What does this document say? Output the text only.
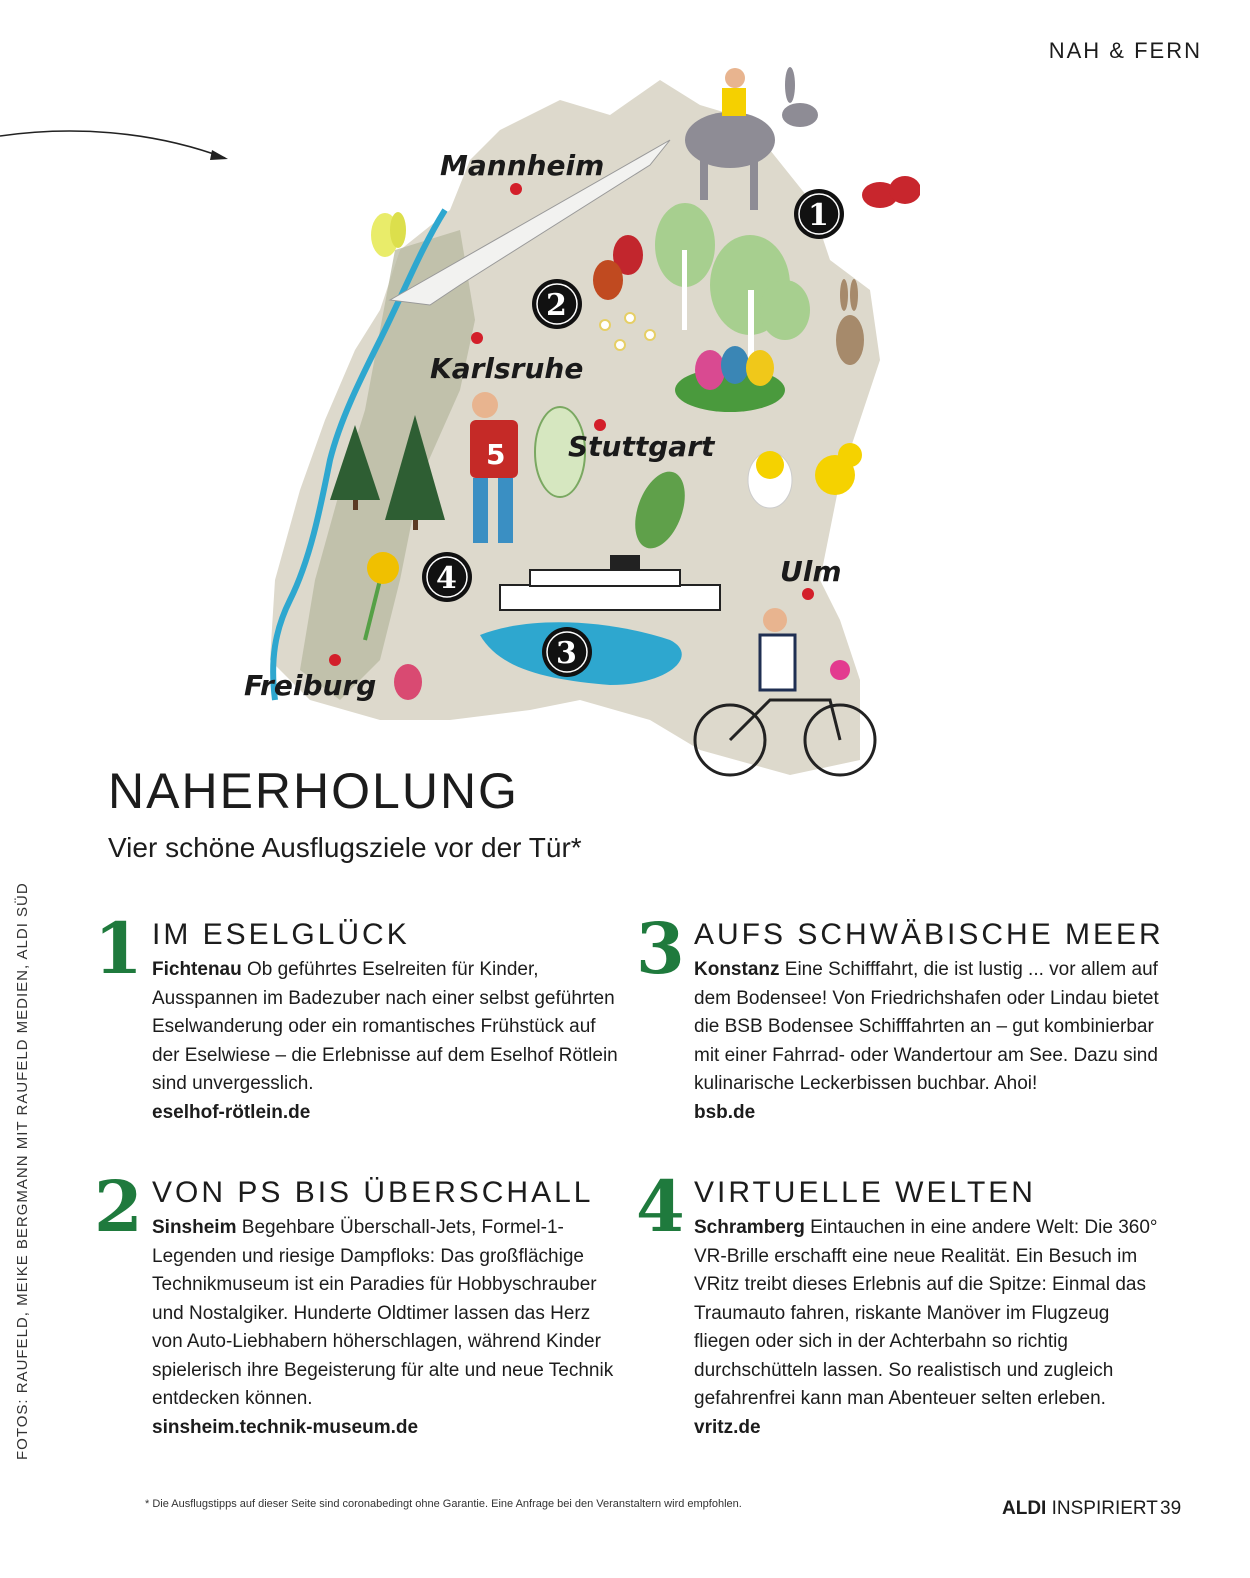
NAH & FERN
5
Mannheim
Karlsruhe
Stuttgart
Ulm
Freiburg
1
2
3
4
NAHERHOLUNG
Vier schöne Ausflugsziele vor der Tür*
FOTOS: RAUFELD, MEIKE BERGMANN MIT RAUFELD MEDIEN, ALDI SÜD 1 IM ESELGLÜCK
Fichtenau Ob geführtes Eselreiten für Kinder, Ausspannen im Badezuber nach einer selbst geführten Eselwanderung oder ein romantisches Frühstück auf der Eselwiese – die Erlebnisse auf dem Eselhof Rötlein sind unvergesslich.
eselhof-rötlein.de
2 VON PS BIS ÜBERSCHALL
Sinsheim Begehbare Überschall-Jets, Formel-1-Legenden und riesige Dampfloks: Das großflächige Technikmuseum ist ein Paradies für Hobbyschrauber und Nostalgiker. Hunderte Oldtimer lassen das Herz von Auto-Liebhabern höherschlagen, während Kinder spielerisch ihre Begeisterung für alte und neue Technik entdecken können.
sinsheim.technik-museum.de
3 AUFS SCHWÄBISCHE MEER
Konstanz Eine Schifffahrt, die ist lustig ... vor allem auf dem Bodensee! Von Friedrichshafen oder Lindau bietet die BSB Bodensee Schifffahrten an – gut kombinierbar mit einer Fahrrad- oder Wandertour am See. Dazu sind kulinarische Leckerbissen buchbar. Ahoi!
bsb.de
4 VIRTUELLE WELTEN
Schramberg Eintauchen in eine andere Welt: Die 360° VR-Brille erschafft eine neue Realität. Ein Besuch im VRitz treibt dieses Erlebnis auf die Spitze: Einmal das Traumauto fahren, riskante Manöver im Flugzeug fliegen oder sich in der Achterbahn so richtig durchschütteln lassen. So realistisch und zugleich gefahrenfrei kann man Abenteuer selten erleben.
vritz.de
* Die Ausflugstipps auf dieser Seite sind coronabedingt ohne Garantie. Eine Anfrage bei den Veranstaltern wird empfohlen.	ALDI INSPIRIERT 39
